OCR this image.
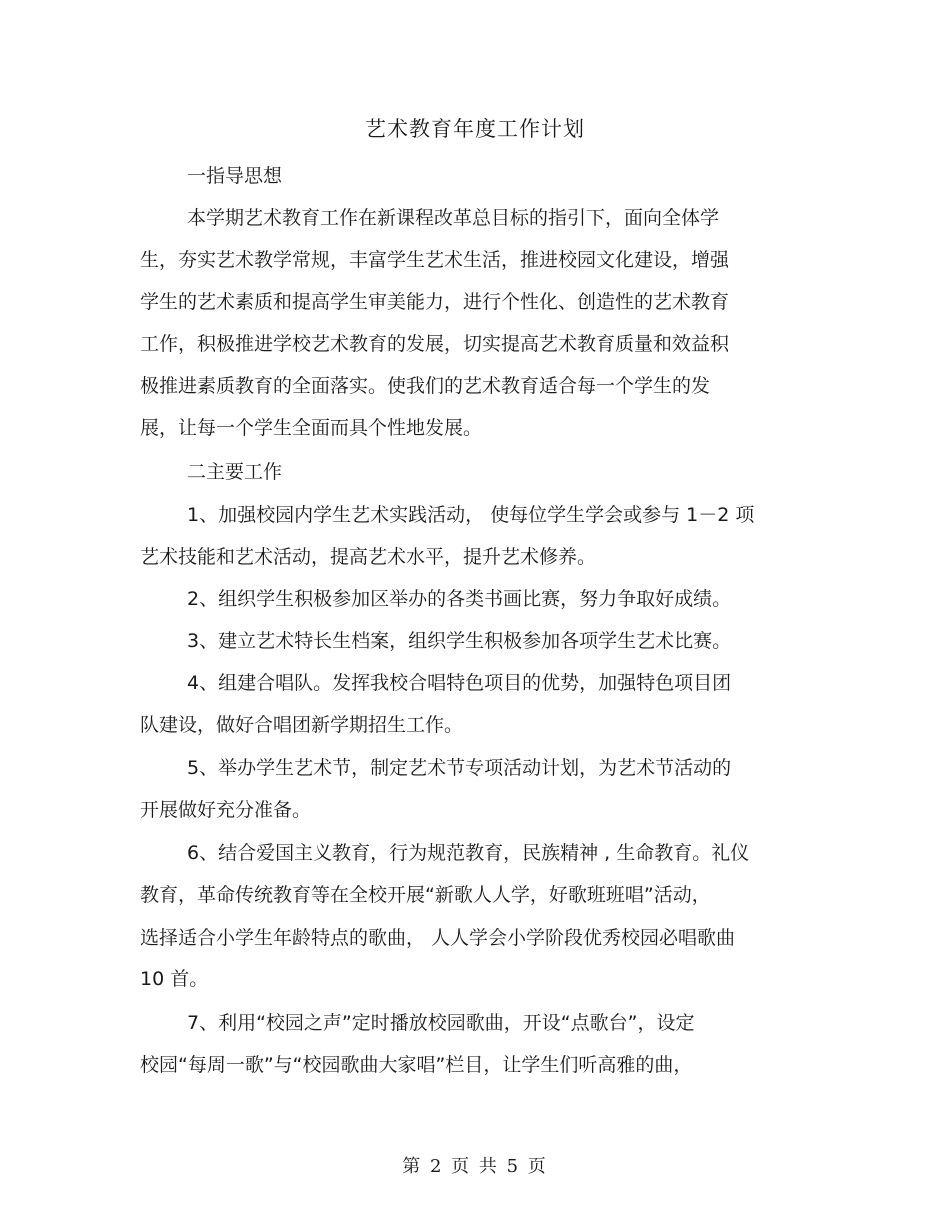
艺术教育年度工作计划

一指导思想

本学期艺术教育工作在新课程改革总目标的指引下，面向全体学

生，夯实艺术教学常规，丰富学生艺术生活，推进校园文化建设，增强

学生的艺术素质和提高学生审美能力，进行个性化、创造性的艺术教育

工作，积极推进学校艺术教育的发展，切实提高艺术教育质量和效益积

极推进素质教育的全面落实。使我们的艺术教育适合每一个学生的发

展，让每一个学生全面而具个性地发展。

二主要工作

1、加强校园内学生艺术实践活动， 使每位学生学会或参与 1－2 项

艺术技能和艺术活动，提高艺术水平，提升艺术修养。

2、组织学生积极参加区举办的各类书画比赛，努力争取好成绩。

3、建立艺术特长生档案，组织学生积极参加各项学生艺术比赛。

4、组建合唱队。发挥我校合唱特色项目的优势，加强特色项目团

队建设，做好合唱团新学期招生工作。

5、举办学生艺术节，制定艺术节专项活动计划，为艺术节活动的

开展做好充分准备。

6、结合爱国主义教育，行为规范教育，民族精神 , 生命教育。礼仪

教育，革命传统教育等在全校开展“新歌人人学，好歌班班唱”活动，

选择适合小学生年龄特点的歌曲， 人人学会小学阶段优秀校园必唱歌曲

10 首。

7、利用“校园之声”定时播放校园歌曲，开设“点歌台”，设定

校园“每周一歌”与“校园歌曲大家唱”栏目，让学生们听高雅的曲，

第 2 页 共 5 页
